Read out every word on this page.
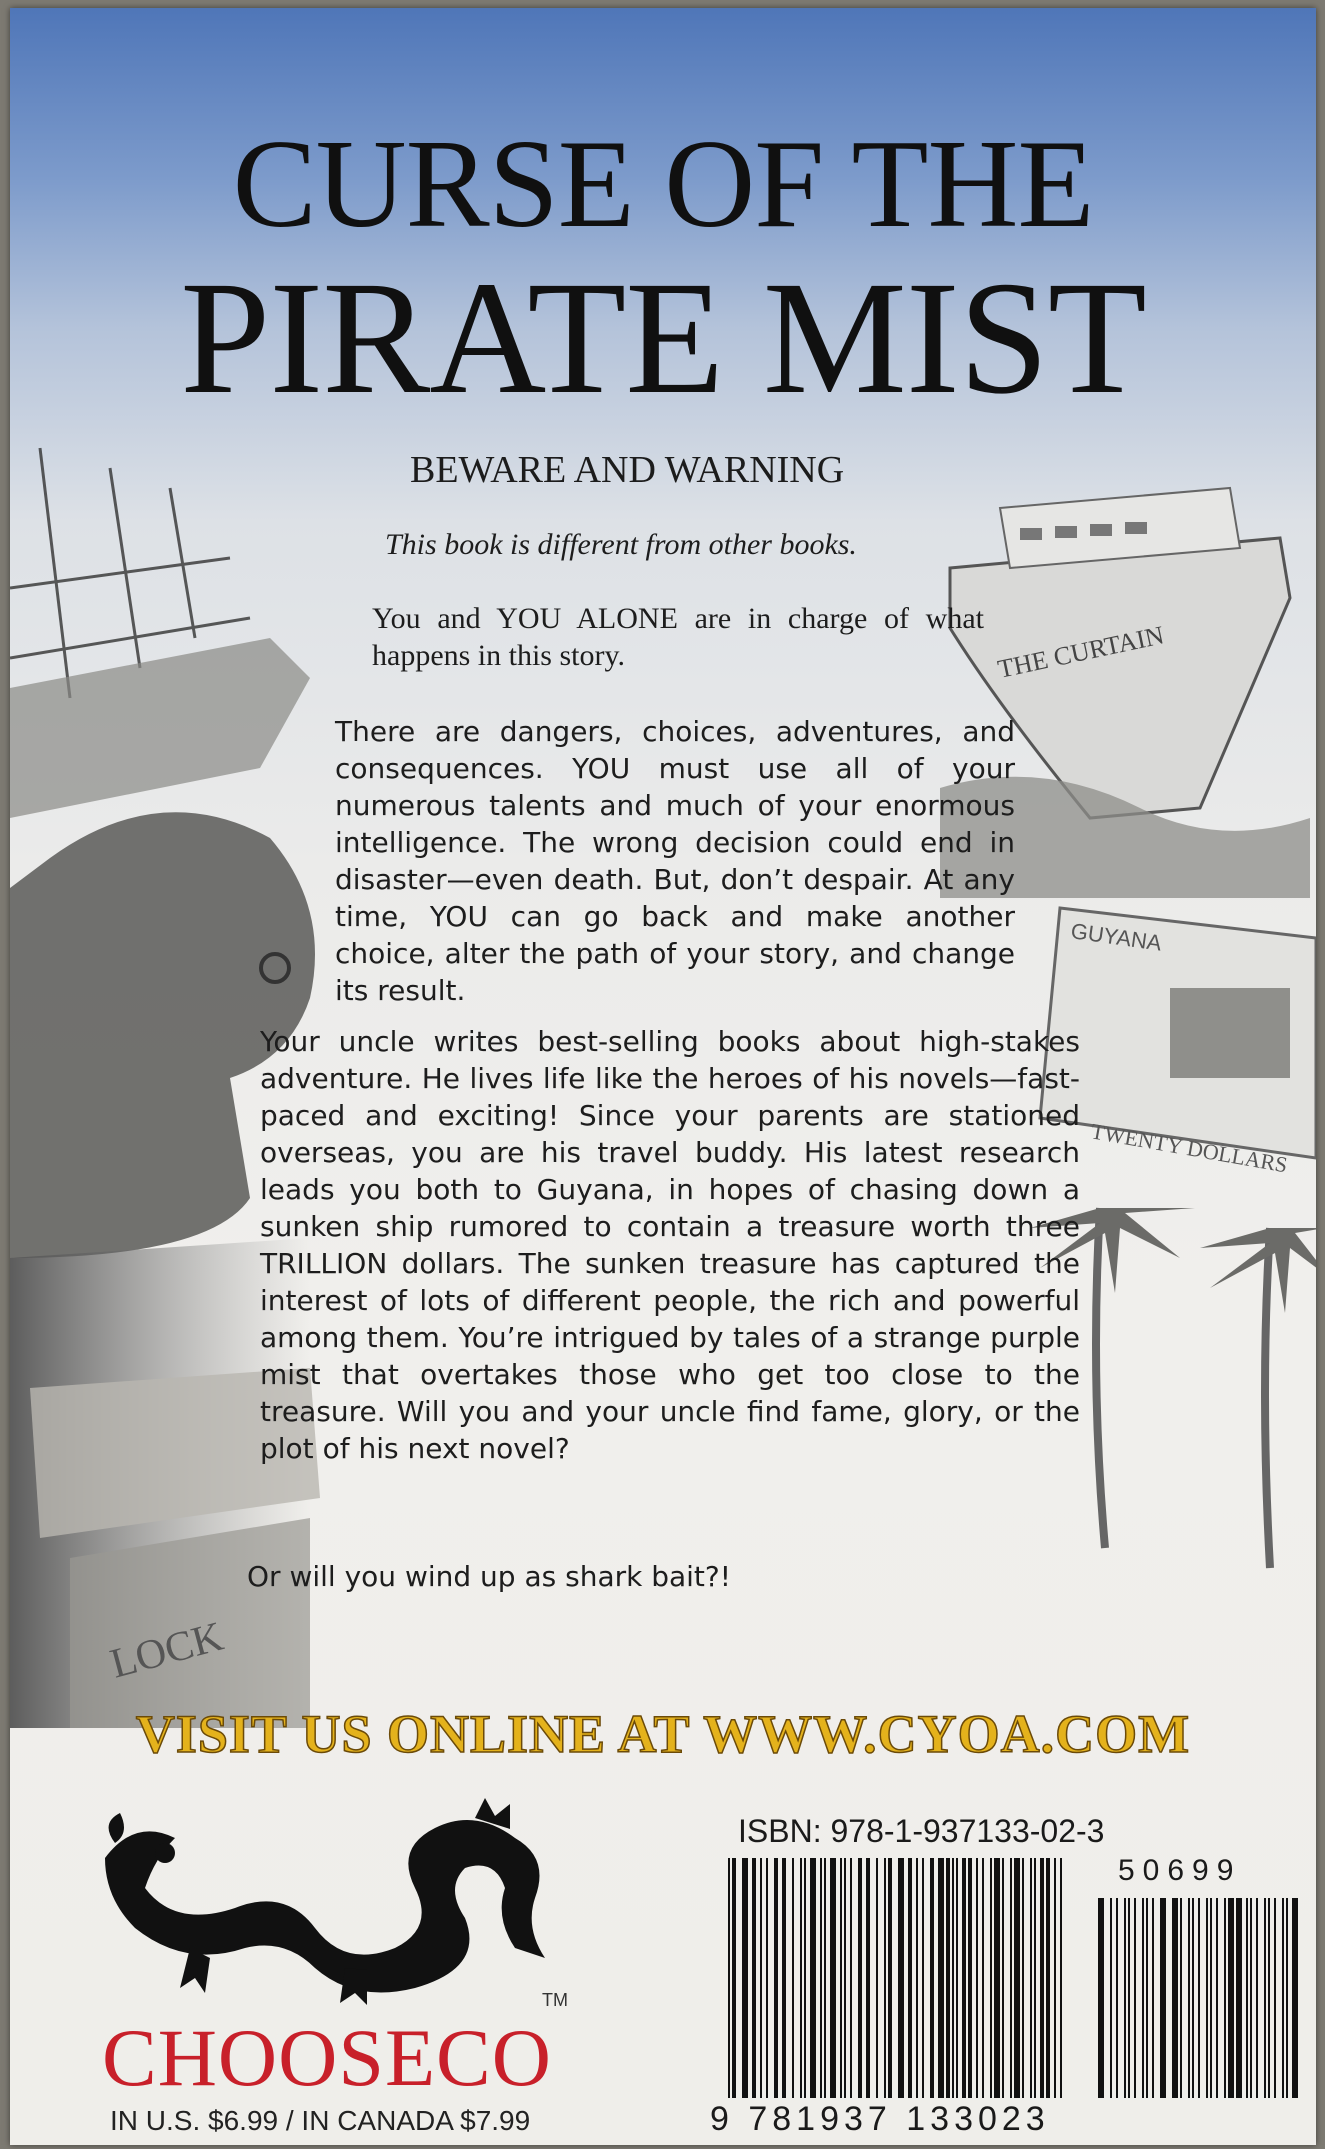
LOCK
THE CURTAIN
GUYANA
TWENTY DOLLARS
CURSE OF THE
PIRATE MIST
BEWARE AND WARNING
This book is different from other books.
You and YOU ALONE are in charge of what happens in this story.
There are dangers, choices, adventures, and consequences. YOU must use all of your numerous talents and much of your enormous intelligence. The wrong decision could end in disaster—even death. But, don’t despair. At any time, YOU can go back and make another choice, alter the path of your story, and change its result.
Your uncle writes best-selling books about high-stakes adventure. He lives life like the heroes of his novels—fast-paced and exciting! Since your parents are stationed overseas, you are his travel buddy. His latest research leads you both to Guyana, in hopes of chasing down a sunken ship rumored to contain a treasure worth three TRILLION dollars. The sunken treasure has captured the interest of lots of different people, the rich and powerful among them. You’re intrigued by tales of a strange purple mist that overtakes those who get too close to the treasure. Will you and your uncle find fame, glory, or the plot of his next novel?
Or will you wind up as shark bait?!
VISIT US ONLINE AT WWW.CYOA.COM
TM
CHOOSECO
IN U.S. $6.99 / IN CANADA $7.99
ISBN: 978-1-937133-02-3
50699
9 781937 133023
